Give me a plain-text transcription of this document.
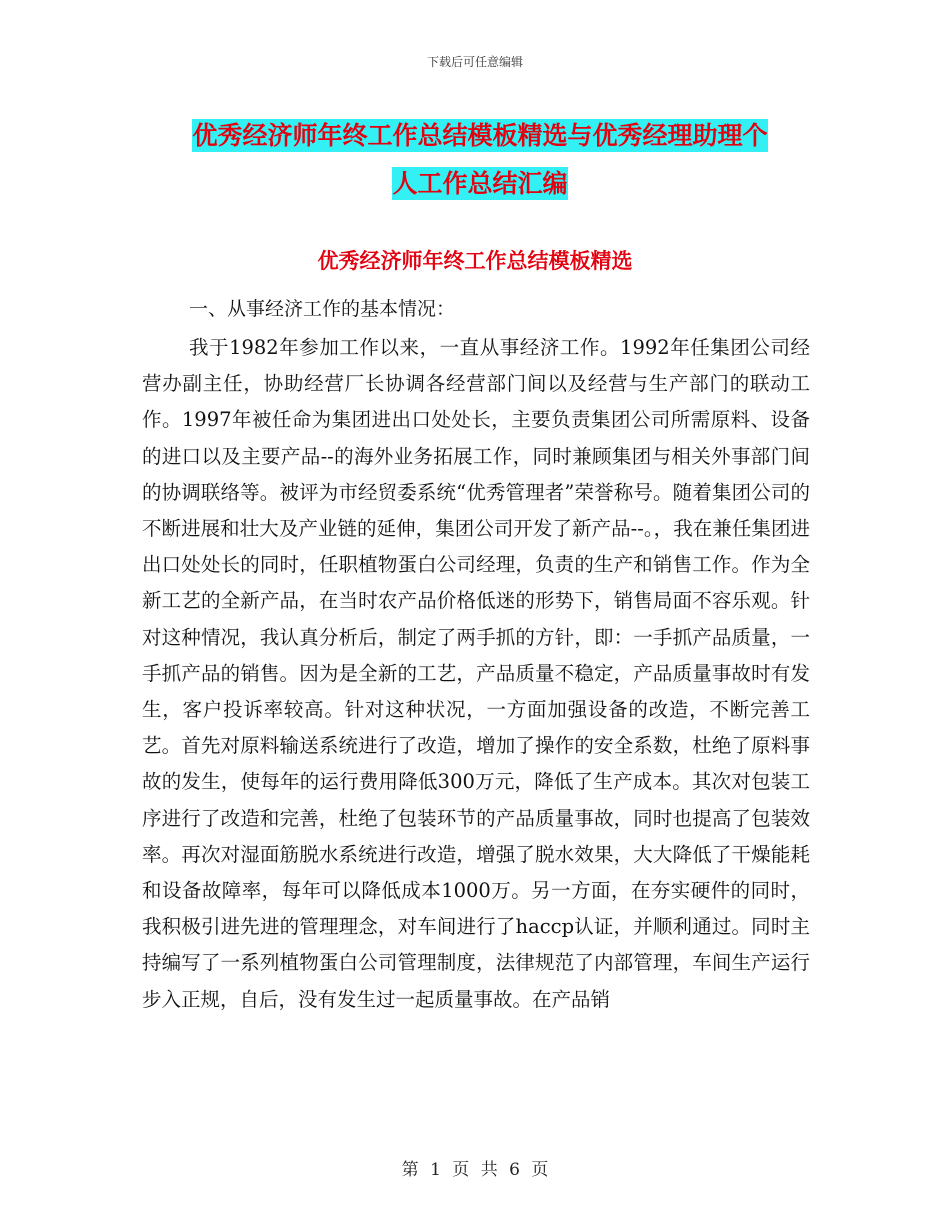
下载后可任意编辑
优秀经济师年终工作总结模板精选与优秀经理助理个
人工作总结汇编
优秀经济师年终工作总结模板精选
一、从事经济工作的基本情况：
我于1982年参加工作以来，一直从事经济工作。1992年任集团公司经营办副主任，协助经营厂长协调各经营部门间以及经营与生产部门的联动工作。1997年被任命为集团进出口处处长，主要负责集团公司所需原料、设备的进口以及主要产品--的海外业务拓展工作，同时兼顾集团与相关外事部门间的协调联络等。被评为市经贸委系统“优秀管理者”荣誉称号。随着集团公司的不断进展和壮大及产业链的延伸，集团公司开发了新产品--。，我在兼任集团进出口处处长的同时，任职植物蛋白公司经理，负责的生产和销售工作。作为全新工艺的全新产品，在当时农产品价格低迷的形势下，销售局面不容乐观。针对这种情况，我认真分析后，制定了两手抓的方针，即：一手抓产品质量，一手抓产品的销售。因为是全新的工艺，产品质量不稳定，产品质量事故时有发生，客户投诉率较高。针对这种状况，一方面加强设备的改造，不断完善工艺。首先对原料输送系统进行了改造，增加了操作的安全系数，杜绝了原料事故的发生，使每年的运行费用降低300万元，降低了生产成本。其次对包装工序进行了改造和完善，杜绝了包装环节的产品质量事故，同时也提高了包装效率。再次对湿面筋脱水系统进行改造，增强了脱水效果，大大降低了干燥能耗和设备故障率，每年可以降低成本1000万。另一方面，在夯实硬件的同时，我积极引进先进的管理理念，对车间进行了haccp认证，并顺利通过。同时主持编写了一系列植物蛋白公司管理制度，法律规范了内部管理，车间生产运行步入正规，自后，没有发生过一起质量事故。在产品销
第 1 页 共 6 页
